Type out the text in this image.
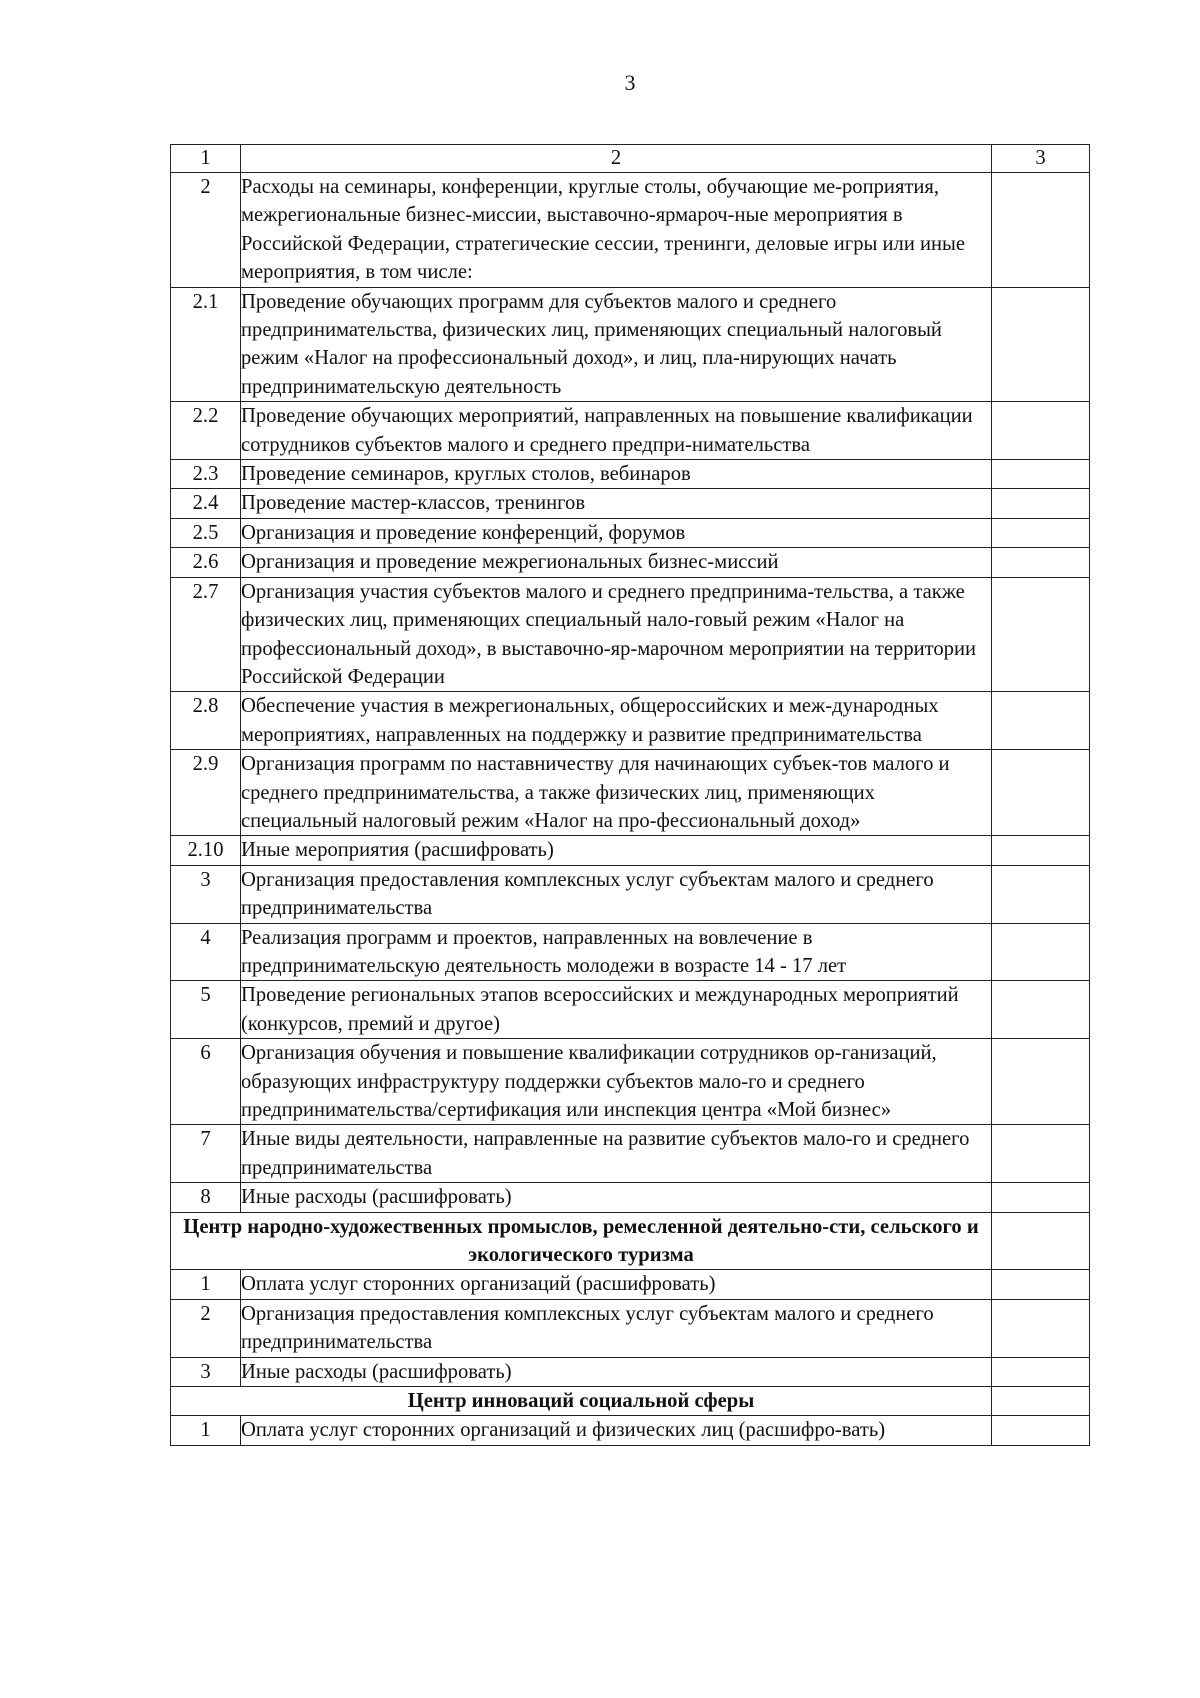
3
1	2	3
2	Расходы на семинары, конференции, круглые столы, обучающие ме-роприятия, межрегиональные бизнес-миссии, выставочно-ярмароч-ные мероприятия в Российской Федерации, стратегические сессии, тренинги, деловые игры или иные мероприятия, в том числе:	
2.1	Проведение обучающих программ для субъектов малого и среднего предпринимательства, физических лиц, применяющих специальный налоговый режим «Налог на профессиональный доход», и лиц, пла-нирующих начать предпринимательскую деятельность	
2.2	Проведение обучающих мероприятий, направленных на повышение квалификации сотрудников субъектов малого и среднего предпри-нимательства	
2.3	Проведение семинаров, круглых столов, вебинаров	
2.4	Проведение мастер-классов, тренингов	
2.5	Организация и проведение конференций, форумов	
2.6	Организация и проведение межрегиональных бизнес-миссий	
2.7	Организация участия субъектов малого и среднего предпринима-тельства, а также физических лиц, применяющих специальный нало-говый режим «Налог на профессиональный доход», в выставочно-яр-марочном мероприятии на территории Российской Федерации	
2.8	Обеспечение участия в межрегиональных, общероссийских и меж-дународных мероприятиях, направленных на поддержку и развитие предпринимательства	
2.9	Организация программ по наставничеству для начинающих субъек-тов малого и среднего предпринимательства, а также физических лиц, применяющих специальный налоговый режим «Налог на про-фессиональный доход»	
2.10	Иные мероприятия (расшифровать)	
3	Организация предоставления комплексных услуг субъектам малого и среднего предпринимательства	
4	Реализация программ и проектов, направленных на вовлечение в предпринимательскую деятельность молодежи в возрасте 14 - 17 лет	
5	Проведение региональных этапов всероссийских и международных мероприятий (конкурсов, премий и другое)	
6	Организация обучения и повышение квалификации сотрудников ор-ганизаций, образующих инфраструктуру поддержки субъектов мало-го и среднего предпринимательства/сертификация или инспекция центра «Мой бизнес»	
7	Иные виды деятельности, направленные на развитие субъектов мало-го и среднего предпринимательства	
8	Иные расходы (расшифровать)	
Центр народно-художественных промыслов, ремесленной деятельно-сти, сельского и экологического туризма		
1	Оплата услуг сторонних организаций (расшифровать)	
2	Организация предоставления комплексных услуг субъектам малого и среднего предпринимательства	
3	Иные расходы (расшифровать)	
Центр инноваций социальной сферы		
1	Оплата услуг сторонних организаций и физических лиц (расшифро-вать)	
